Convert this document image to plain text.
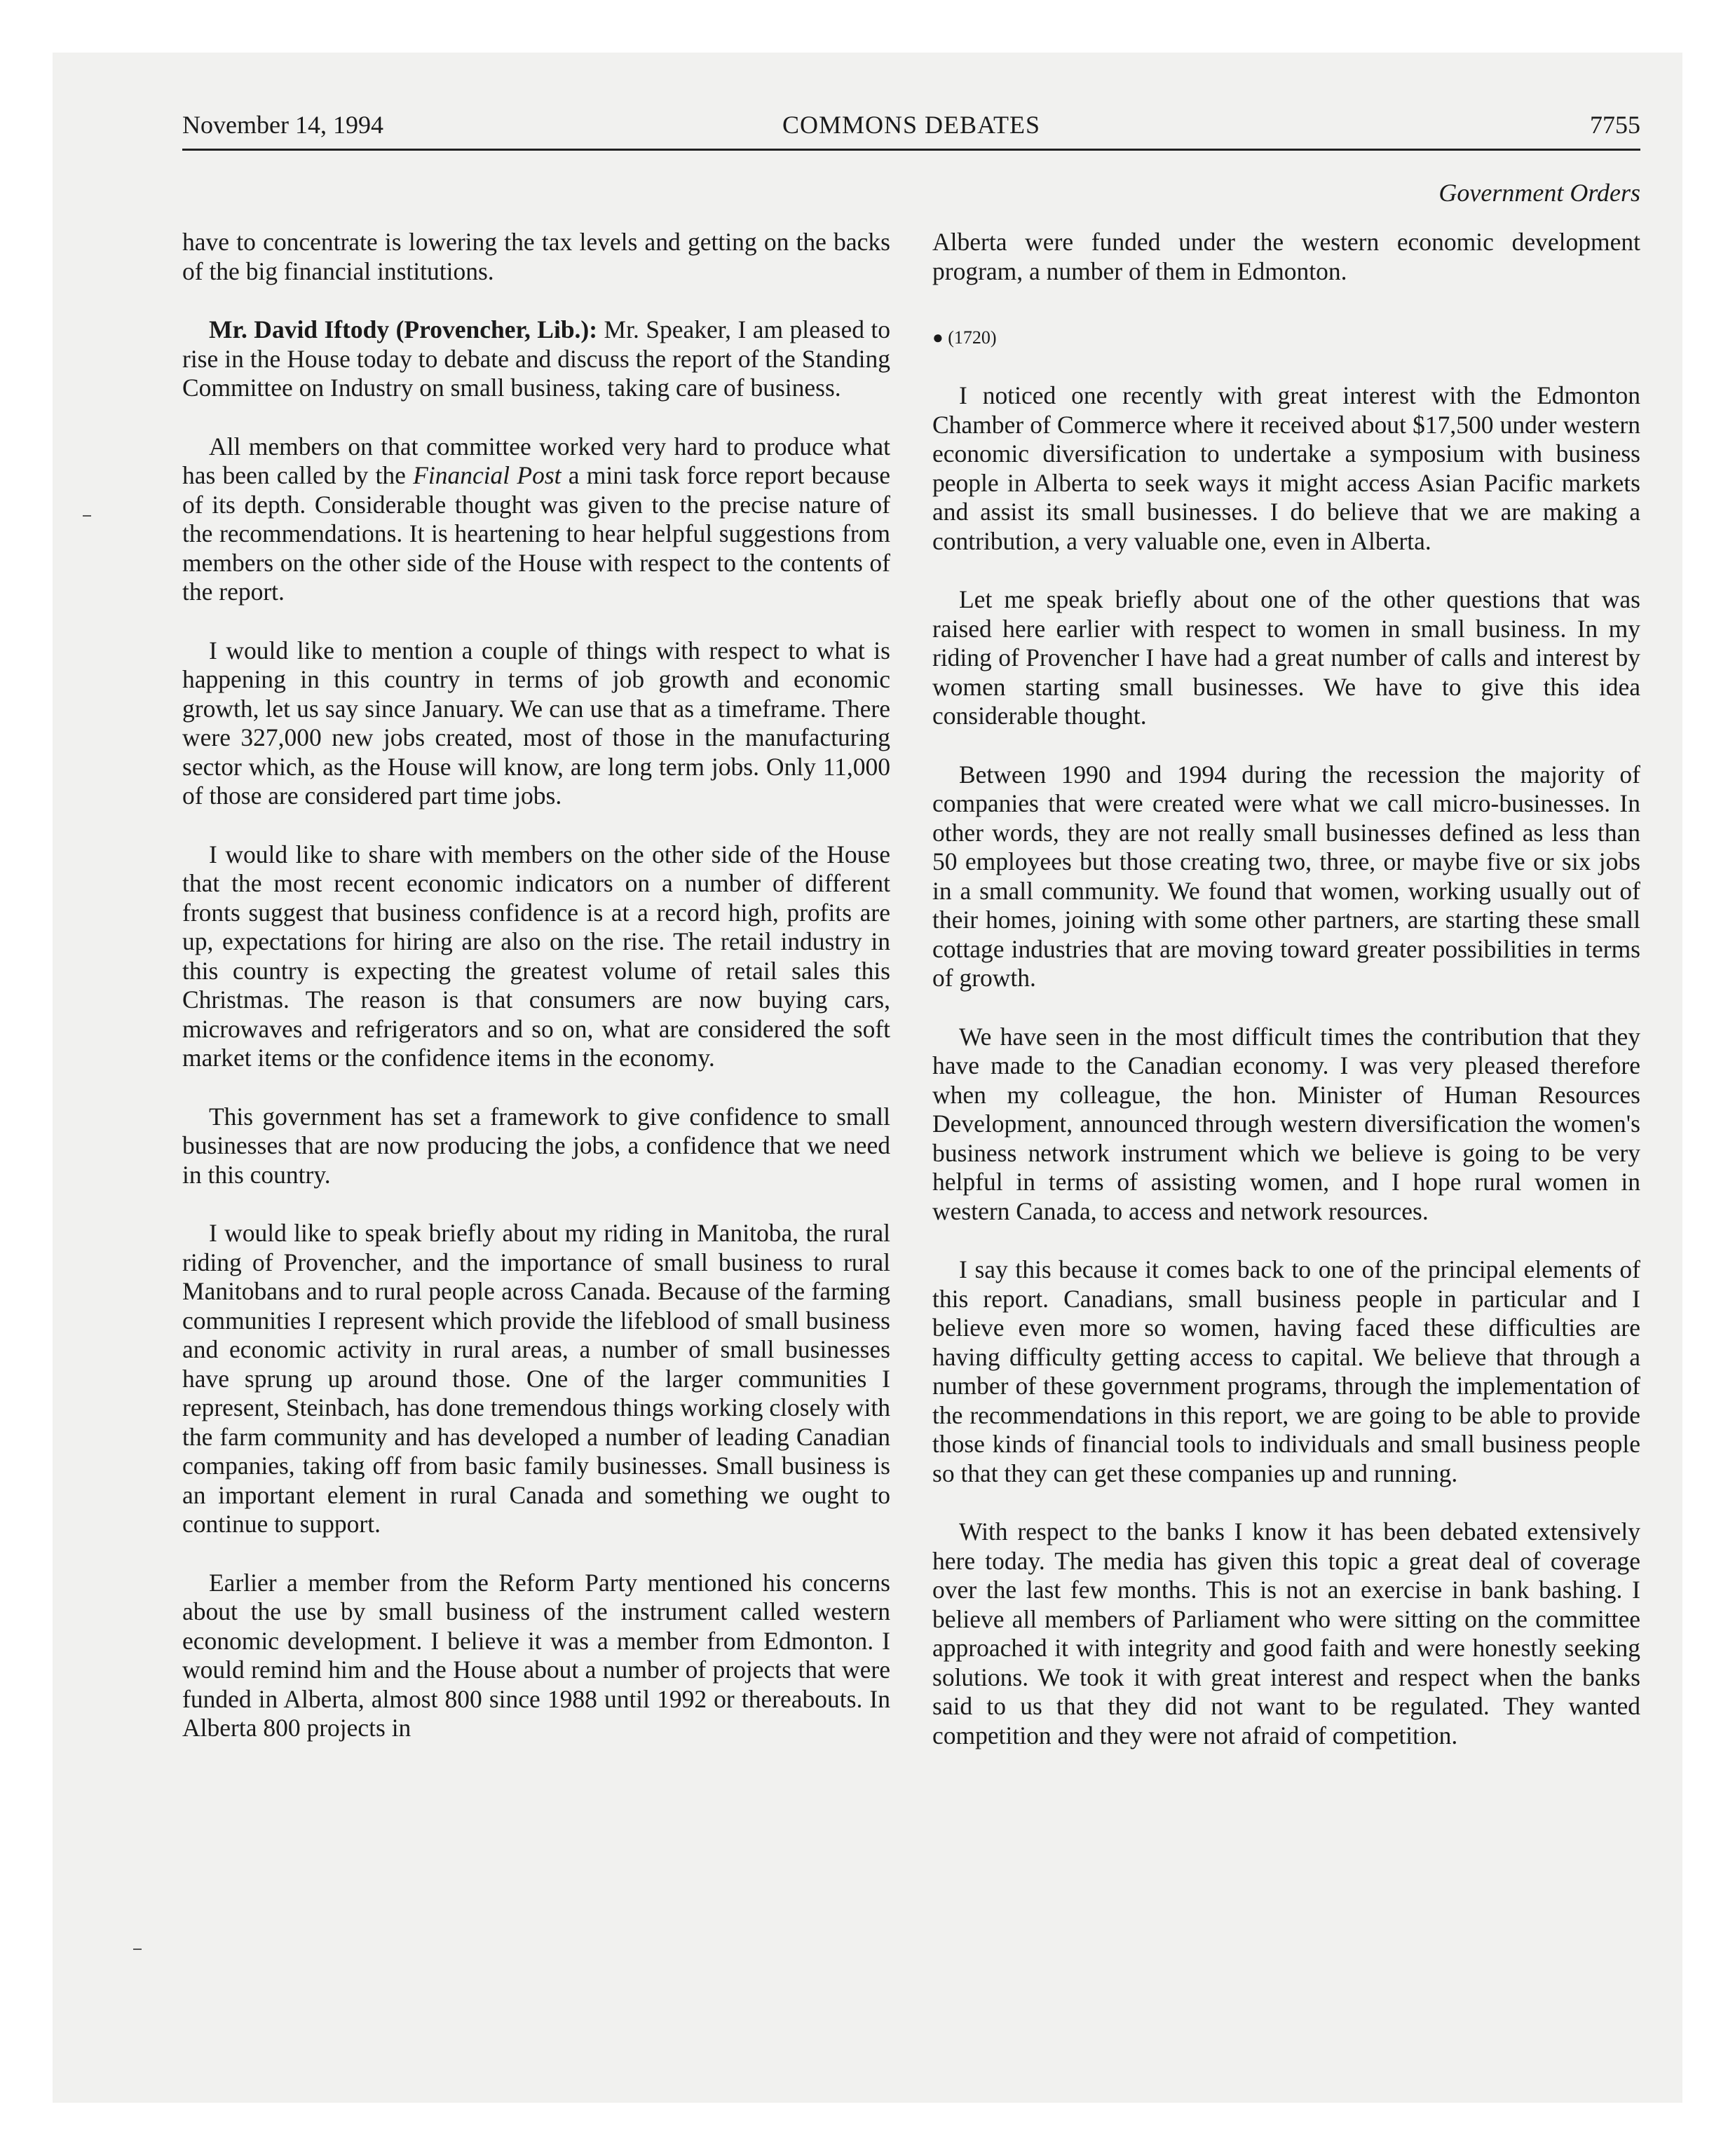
November 14, 1994	COMMONS DEBATES	7755
Government Orders

have to concentrate is lowering the tax levels and getting on the backs of the big financial institutions.

Mr. David Iftody (Provencher, Lib.): Mr. Speaker, I am pleased to rise in the House today to debate and discuss the report of the Standing Committee on Industry on small business, taking care of business.

All members on that committee worked very hard to produce what has been called by the Financial Post a mini task force report because of its depth. Considerable thought was given to the precise nature of the recommendations. It is heartening to hear helpful suggestions from members on the other side of the House with respect to the contents of the report.

I would like to mention a couple of things with respect to what is happening in this country in terms of job growth and economic growth, let us say since January. We can use that as a timeframe. There were 327,000 new jobs created, most of those in the manufacturing sector which, as the House will know, are long term jobs. Only 11,000 of those are considered part time jobs.

I would like to share with members on the other side of the House that the most recent economic indicators on a number of different fronts suggest that business confidence is at a record high, profits are up, expectations for hiring are also on the rise. The retail industry in this country is expecting the greatest volume of retail sales this Christmas. The reason is that consumers are now buying cars, microwaves and refrigerators and so on, what are considered the soft market items or the confidence items in the economy.

This government has set a framework to give confidence to small businesses that are now producing the jobs, a confidence that we need in this country.

I would like to speak briefly about my riding in Manitoba, the rural riding of Provencher, and the importance of small business to rural Manitobans and to rural people across Canada. Because of the farming communities I represent which provide the lifeblood of small business and economic activity in rural areas, a number of small businesses have sprung up around those. One of the larger communities I represent, Steinbach, has done tremendous things working closely with the farm community and has developed a number of leading Canadian companies, taking off from basic family businesses. Small business is an important element in rural Canada and something we ought to continue to support.

Earlier a member from the Reform Party mentioned his concerns about the use by small business of the instrument called western economic development. I believe it was a member from Edmonton. I would remind him and the House about a number of projects that were funded in Alberta, almost 800 since 1988 until 1992 or thereabouts. In Alberta 800 projects in

Alberta were funded under the western economic development program, a number of them in Edmonton.

● (1720)

I noticed one recently with great interest with the Edmonton Chamber of Commerce where it received about $17,500 under western economic diversification to undertake a symposium with business people in Alberta to seek ways it might access Asian Pacific markets and assist its small businesses. I do believe that we are making a contribution, a very valuable one, even in Alberta.

Let me speak briefly about one of the other questions that was raised here earlier with respect to women in small business. In my riding of Provencher I have had a great number of calls and interest by women starting small businesses. We have to give this idea considerable thought.

Between 1990 and 1994 during the recession the majority of companies that were created were what we call micro-businesses. In other words, they are not really small businesses defined as less than 50 employees but those creating two, three, or maybe five or six jobs in a small community. We found that women, working usually out of their homes, joining with some other partners, are starting these small cottage industries that are moving toward greater possibilities in terms of growth.

We have seen in the most difficult times the contribution that they have made to the Canadian economy. I was very pleased therefore when my colleague, the hon. Minister of Human Resources Development, announced through western diversification the women's business network instrument which we believe is going to be very helpful in terms of assisting women, and I hope rural women in western Canada, to access and network resources.

I say this because it comes back to one of the principal elements of this report. Canadians, small business people in particular and I believe even more so women, having faced these difficulties are having difficulty getting access to capital. We believe that through a number of these government programs, through the implementation of the recommendations in this report, we are going to be able to provide those kinds of financial tools to individuals and small business people so that they can get these companies up and running.

With respect to the banks I know it has been debated extensively here today. The media has given this topic a great deal of coverage over the last few months. This is not an exercise in bank bashing. I believe all members of Parliament who were sitting on the committee approached it with integrity and good faith and were honestly seeking solutions. We took it with great interest and respect when the banks said to us that they did not want to be regulated. They wanted competition and they were not afraid of competition.
